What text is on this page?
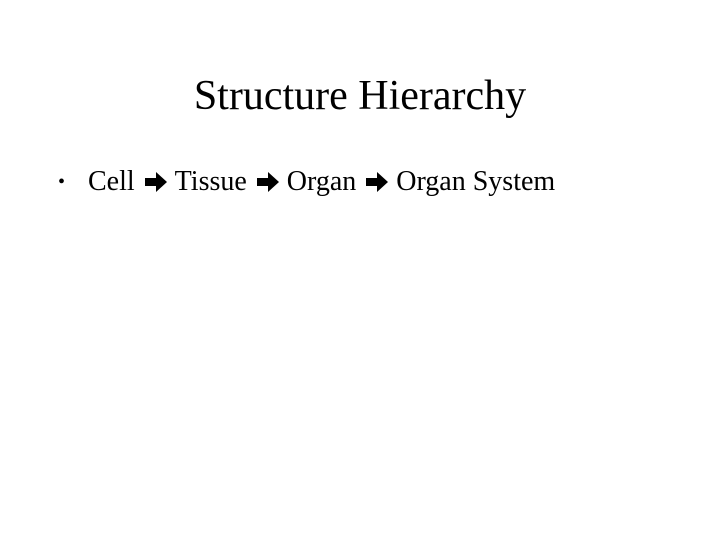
Structure Hierarchy
• Cell Tissue Organ Organ System
